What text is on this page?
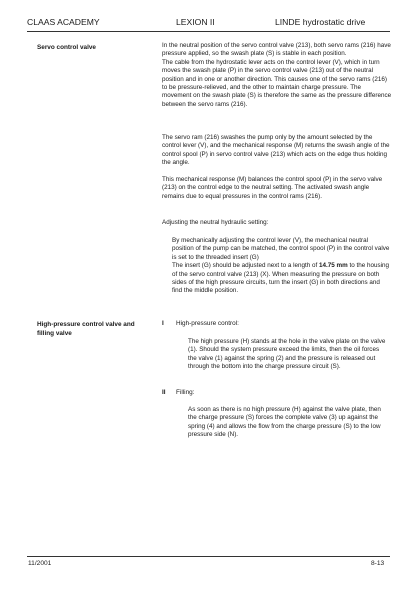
CLAAS ACADEMY	LEXION II	LINDE hydrostatic drive
Servo control valve	In the neutral position of the servo control valve (213), both servo rams (216) have pressure applied, so the swash plate (S) is stable in each position.

The cable from the hydrostatic lever acts on the control lever (V), which in turn moves the swash plate (P) in the servo control valve (213) out of the neutral position and in one or another direction. This causes one of the servo rams (216) to be pressure-relieved, and the other to maintain charge pressure. The movement on the swash plate (S) is therefore the same as the pressure difference between the servo rams (216).

The servo ram (216) swashes the pump only by the amount selected by the control lever (V), and the mechanical response (M) returns the swash angle of the control spool (P) in servo control valve (213) which acts on the edge thus holding the angle.
This mechanical response (M) balances the control spool (P) in the servo valve (213) on the control edge to the neutral setting. The activated swash angle remains due to equal pressures in the control rams (216).
Adjusting the neutral hydraulic setting:

By mechanically adjusting the control lever (V), the mechanical neutral position of the pump can be matched, the control spool (P) in the control valve is set to the threaded insert (G)

The insert (G) should be adjusted next to a length of 14.75 mm to the housing of the servo control valve (213) (X). When measuring the pressure on both sides of the high pressure circuits, turn the insert (G) in both directions and find the middle position.

High-pressure control valve and filling valve
I High-pressure control:
The high pressure (H) stands at the hole in the valve plate on the valve (1). Should the system pressure exceed the limits, then the oil forces the valve (1) against the spring (2) and the pressure is released out through the bottom into the charge pressure circuit (S).
II Filling:
As soon as there is no high pressure (H) against the valve plate, then the charge pressure (S) forces the complete valve (3) up against the spring (4) and allows the flow from the charge pressure (S) to the low pressure side (N).
11/2001	8-13
